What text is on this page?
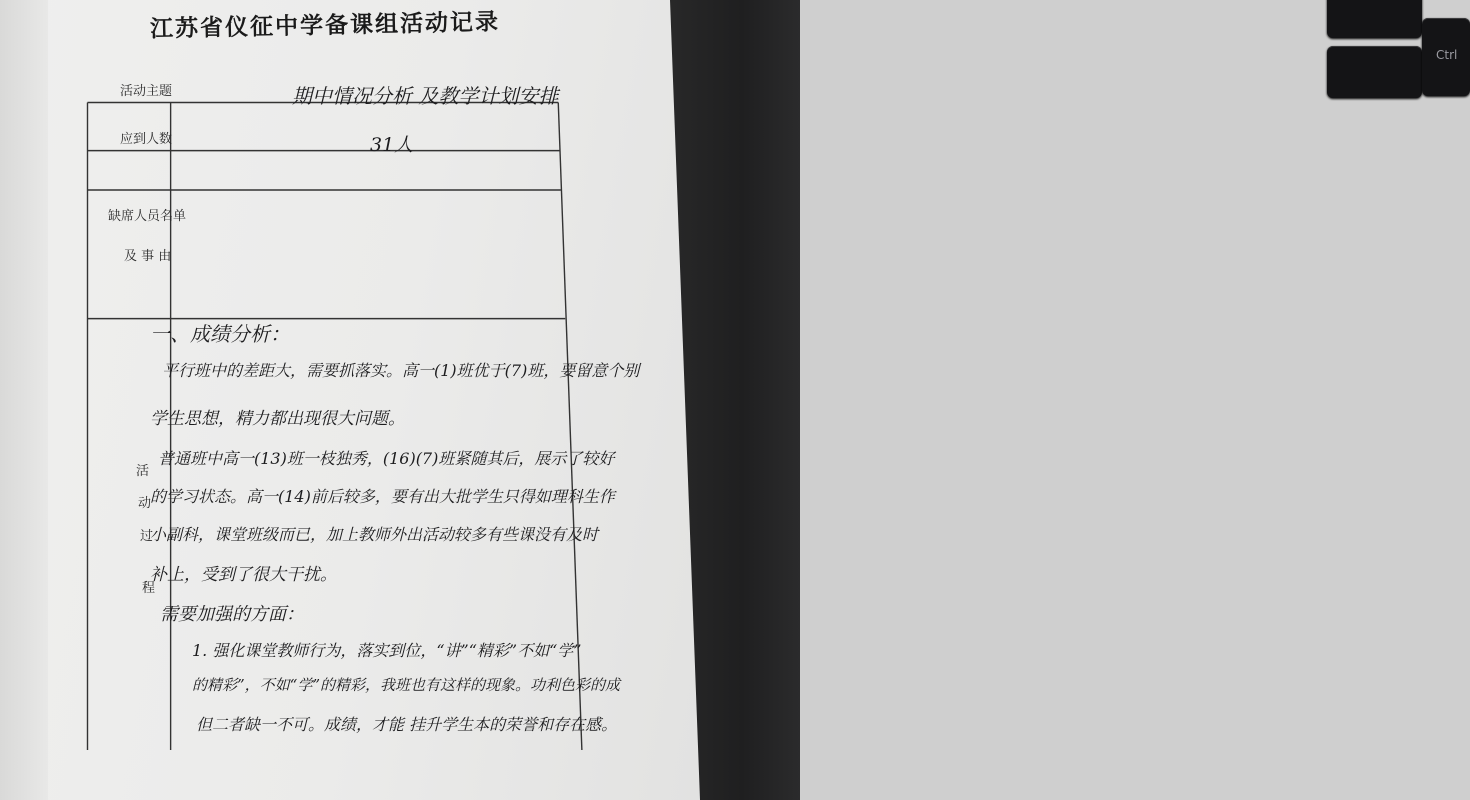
Ctrl
江苏省仪征中学备课组活动记录
活动主题
应到人数
缺席人员名单
及 事 由
活
动
过
程
期中情况分析 及教学计划安排
31人
一、成绩分析：
平行班中的差距大，需要抓落实。高一(1)班优于(7)班，要留意个别
学生思想，精力都出现很大问题。
普通班中高一(13)班一枝独秀，(16)(7)班紧随其后，展示了较好
的学习状态。高一(14)前后较多，要有出大批学生只得如理科生作
小副科，课堂班级而已，加上教师外出活动较多有些课没有及时
补上，受到了很大干扰。
需要加强的方面：
1. 强化课堂教师行为，落实到位，“讲”“精彩”不如“学”
的精彩”，不如“学”的精彩，我班也有这样的现象。功利色彩的成
但二者缺一不可。成绩，才能 挂升学生本的荣誉和存在感。
